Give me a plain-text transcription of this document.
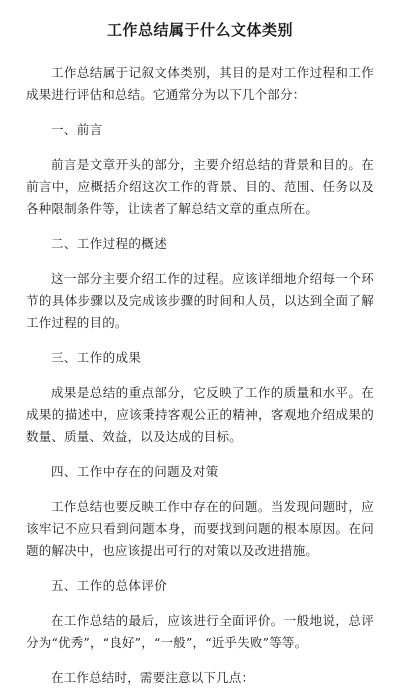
工作总结属于什么文体类别

工作总结属于记叙文体类别，其目的是对工作过程和工作成果进行评估和总结。它通常分为以下几个部分：

一、前言

前言是文章开头的部分，主要介绍总结的背景和目的。在前言中，应概括介绍这次工作的背景、目的、范围、任务以及各种限制条件等，让读者了解总结文章的重点所在。

二、工作过程的概述

这一部分主要介绍工作的过程。应该详细地介绍每一个环节的具体步骤以及完成该步骤的时间和人员，以达到全面了解工作过程的目的。

三、工作的成果

成果是总结的重点部分，它反映了工作的质量和水平。在成果的描述中，应该秉持客观公正的精神，客观地介绍成果的数量、质量、效益，以及达成的目标。

四、工作中存在的问题及对策

工作总结也要反映工作中存在的问题。当发现问题时，应该牢记不应只看到问题本身，而要找到问题的根本原因。在问题的解决中，也应该提出可行的对策以及改进措施。

五、工作的总体评价

在工作总结的最后，应该进行全面评价。一般地说，总评分为“优秀”，“良好”，“一般”，“近乎失败”等等。

在工作总结时，需要注意以下几点：
